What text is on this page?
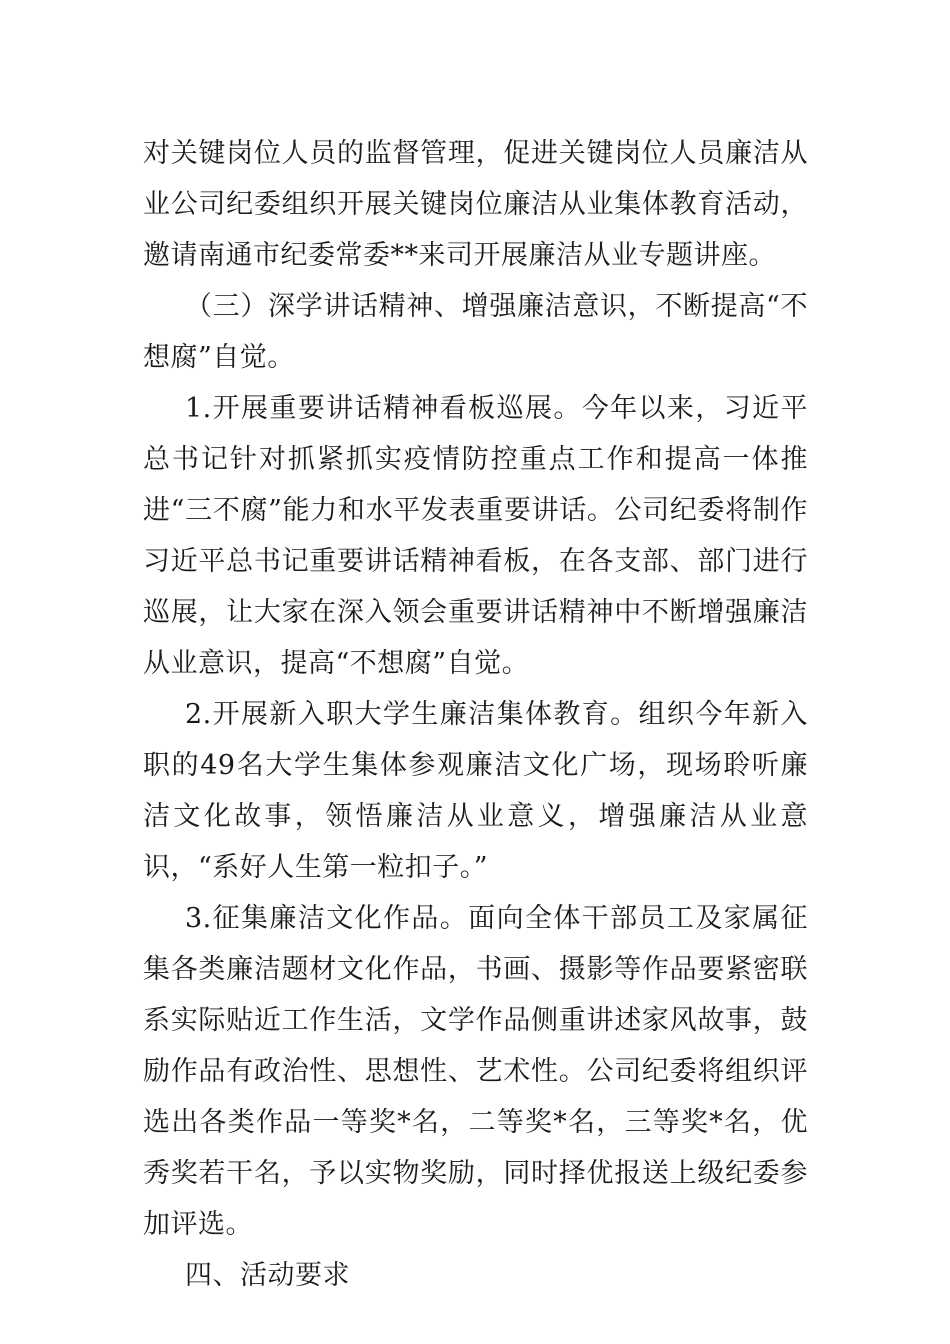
对关键岗位人员的监督管理，促进关键岗位人员廉洁从业公司纪委组织开展关键岗位廉洁从业集体教育活动，邀请南通市纪委常委**来司开展廉洁从业专题讲座。

（三）深学讲话精神、增强廉洁意识，不断提高“不想腐”自觉。

1.开展重要讲话精神看板巡展。今年以来，习近平总书记针对抓紧抓实疫情防控重点工作和提高一体推进“三不腐”能力和水平发表重要讲话。公司纪委将制作习近平总书记重要讲话精神看板，在各支部、部门进行巡展，让大家在深入领会重要讲话精神中不断增强廉洁从业意识，提高“不想腐”自觉。

2.开展新入职大学生廉洁集体教育。组织今年新入职的49名大学生集体参观廉洁文化广场，现场聆听廉洁文化故事，领悟廉洁从业意义，增强廉洁从业意识，“系好人生第一粒扣子。”

3.征集廉洁文化作品。面向全体干部员工及家属征集各类廉洁题材文化作品，书画、摄影等作品要紧密联系实际贴近工作生活，文学作品侧重讲述家风故事，鼓励作品有政治性、思想性、艺术性。公司纪委将组织评选出各类作品一等奖*名，二等奖*名，三等奖*名，优秀奖若干名，予以实物奖励，同时择优报送上级纪委参加评选。

四、活动要求
